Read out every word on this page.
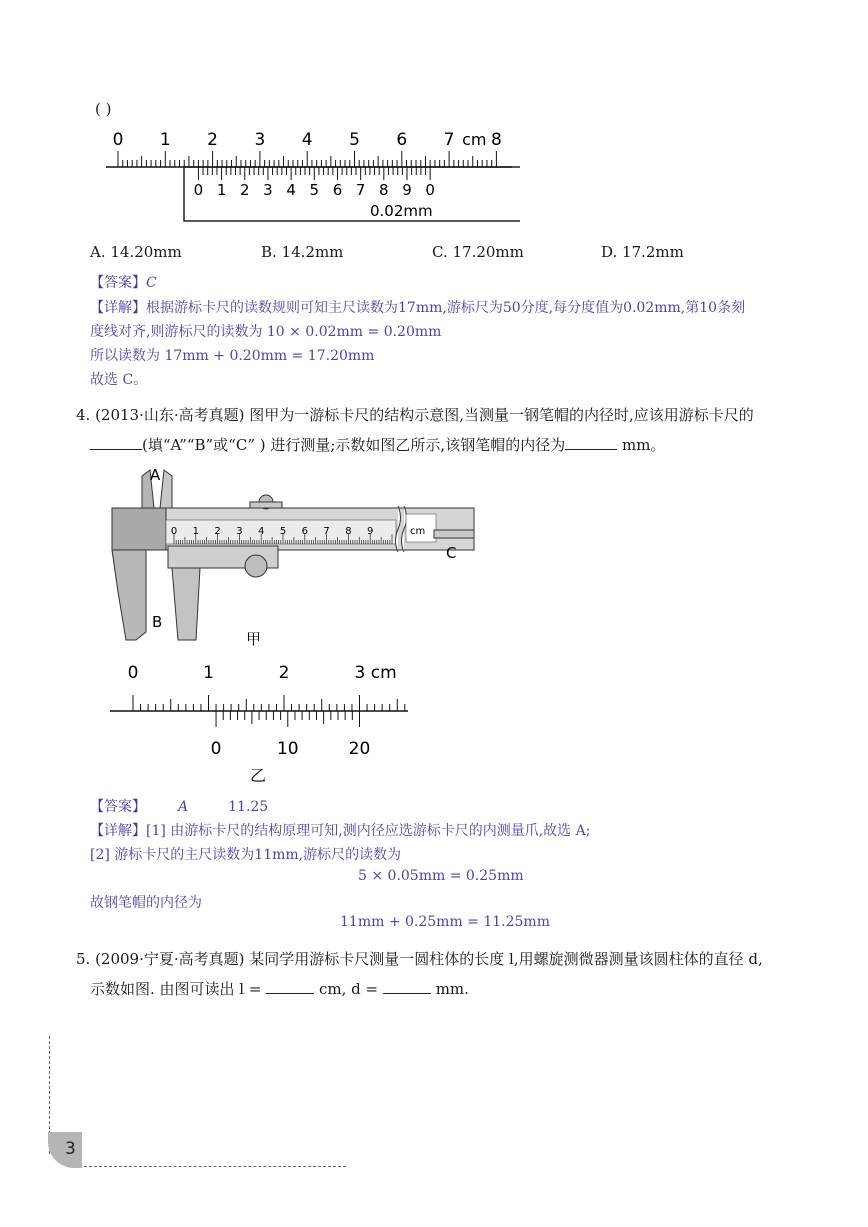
( )
0 1 2 3 4 5 6 7 cm 8
0 1 2 3 4 5 6 7 8 9 0
0.02mm
A. 14.20mm	B. 14.2mm	C. 17.20mm	D. 17.2mm
【答案】C
【详解】根据游标卡尺的读数规则可知主尺读数为17mm,游标尺为50分度,每分度值为0.02mm,第10条刻
度线对齐,则游标尺的读数为 10 × 0.02mm = 0.20mm
所以读数为 17mm + 0.20mm = 17.20mm
故选 C。
4. (2013·山东·高考真题) 图甲为一游标卡尺的结构示意图,当测量一钢笔帽的内径时,应该用游标卡尺的
(填“A”“B”或“C” ) 进行测量;示数如图乙所示,该钢笔帽的内径为	mm。
0 1 2 3 4 5 6 7 8 9	cm
C
A
B
甲
0	1	2	3 cm
0	10	20
乙
【答案】 A	11.25
【详解】[1] 由游标卡尺的结构原理可知,测内径应选游标卡尺的内测量爪,故选 A;
[2] 游标卡尺的主尺读数为11mm,游标尺的读数为
5 × 0.05mm = 0.25mm
故钢笔帽的内径为
11mm + 0.25mm = 11.25mm
5. (2009·宁夏·高考真题) 某同学用游标卡尺测量一圆柱体的长度 l,用螺旋测微器测量该圆柱体的直径 d,
示数如图. 由图可读出 l =	cm, d =	mm.
3
